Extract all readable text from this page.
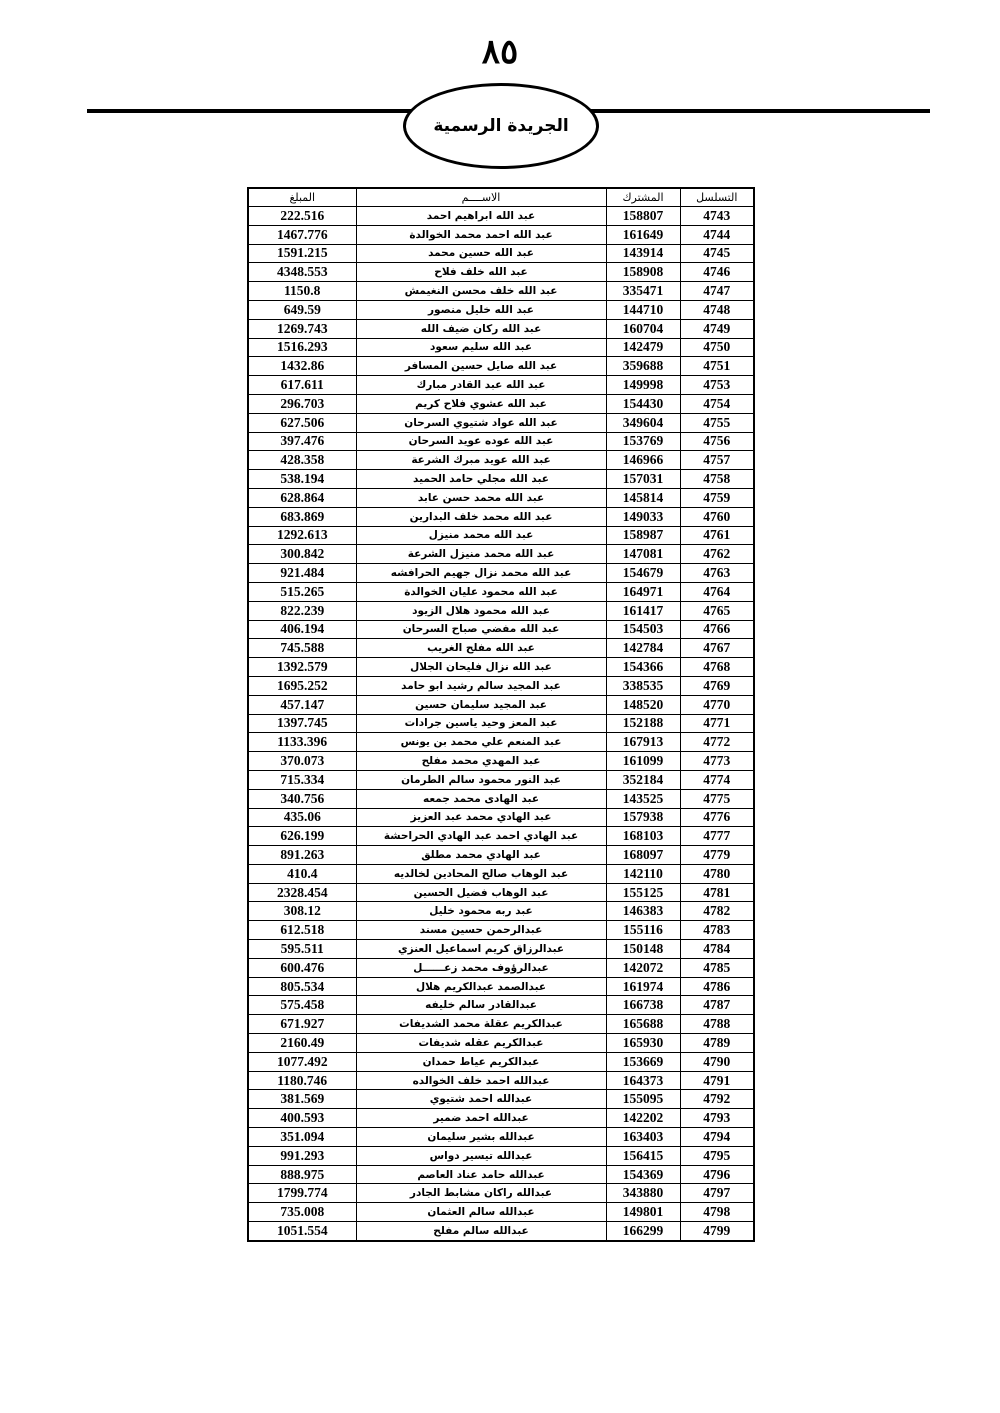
٨٥
الجريدة الرسمية
المبلغ	الاســــم	المشترك	التسلسل
222.516	عبد الله ابراهيم احمد	158807	4743
1467.776	عبد الله احمد محمد الخوالدة	161649	4744
1591.215	عبد الله حسين محمد	143914	4745
4348.553	عبد الله خلف فلاح	158908	4746
1150.8	عبد الله خلف محسن النغيمش	335471	4747
649.59	عبد الله خليل منصور	144710	4748
1269.743	عبد الله ركان ضيف الله	160704	4749
1516.293	عبد الله سليم سعود	142479	4750
1432.86	عبد الله صايل حسين المسافر	359688	4751
617.611	عبد الله عبد القادر مبارك	149998	4753
296.703	عبد الله عشوي فلاح كريم	154430	4754
627.506	عبد الله عواد شتيوي السرحان	349604	4755
397.476	عبد الله عوده عويد السرحان	153769	4756
428.358	عبد الله عويد مبرك الشرعة	146966	4757
538.194	عبد الله مجلي حامد الحميد	157031	4758
628.864	عبد الله محمد حسن عابد	145814	4759
683.869	عبد الله محمد خلف البدارين	149033	4760
1292.613	عبد الله محمد منيزل	158987	4761
300.842	عبد الله محمد منيزل الشرعة	147081	4762
921.484	عبد الله محمد نزال جهيم الحرافشه	154679	4763
515.265	عبد الله محمود عليان الخوالدة	164971	4764
822.239	عبد الله محمود هلال الزيود	161417	4765
406.194	عبد الله مفضي صباح السرحان	154503	4766
745.588	عبد الله مفلح الغريب	142784	4767
1392.579	عبد الله نزال فليحان الجلال	154366	4768
1695.252	عبد المجيد سالم رشيد ابو حامد	338535	4769
457.147	عبد المجيد سليمان حسين	148520	4770
1397.745	عبد المعز وحيد ياسين جرادات	152188	4771
1133.396	عبد المنعم علي محمد بن يونس	167913	4772
370.073	عبد المهدي محمد مفلح	161099	4773
715.334	عبد النور محمود سالم الطرمان	352184	4774
340.756	عبد الهادى محمد جمعه	143525	4775
435.06	عبد الهادي محمد عبد العزيز	157938	4776
626.199	عبد الهادي احمد عبد الهادي الحراحشة	168103	4777
891.263	عبد الهادي محمد مطلق	168097	4779
410.4	عبد الوهاب صالح المحادين لخالديه	142110	4780
2328.454	عبد الوهاب فضيل الحسين	155125	4781
308.12	عبد ربه محمود خليل	146383	4782
612.518	عبدالرحمن حسين مسند	155116	4783
595.511	عبدالرزاق كريم اسماعيل العنزي	150148	4784
600.476	عبدالرؤوف محمد زعــــــل	142072	4785
805.534	عبدالصمد عبدالكريم هلال	161974	4786
575.458	عبدالقادر سالم خليفه	166738	4787
671.927	عبدالكريم عقلة محمد الشديفات	165688	4788
2160.49	عبدالكريم عقله شديفات	165930	4789
1077.492	عبدالكريم عياط حمدان	153669	4790
1180.746	عبدالله احمد خلف الخوالده	164373	4791
381.569	عبدالله احمد شتيوي	155095	4792
400.593	عبدالله احمد ضمير	142202	4793
351.094	عبدالله بشير سليمان	163403	4794
991.293	عبدالله تيسير دواس	156415	4795
888.975	عبدالله حامد عناد العاصم	154369	4796
1799.774	عبدالله راكان مشابط الجادر	343880	4797
735.008	عبدالله سالم العثمان	149801	4798
1051.554	عبدالله سالم مفلح	166299	4799
